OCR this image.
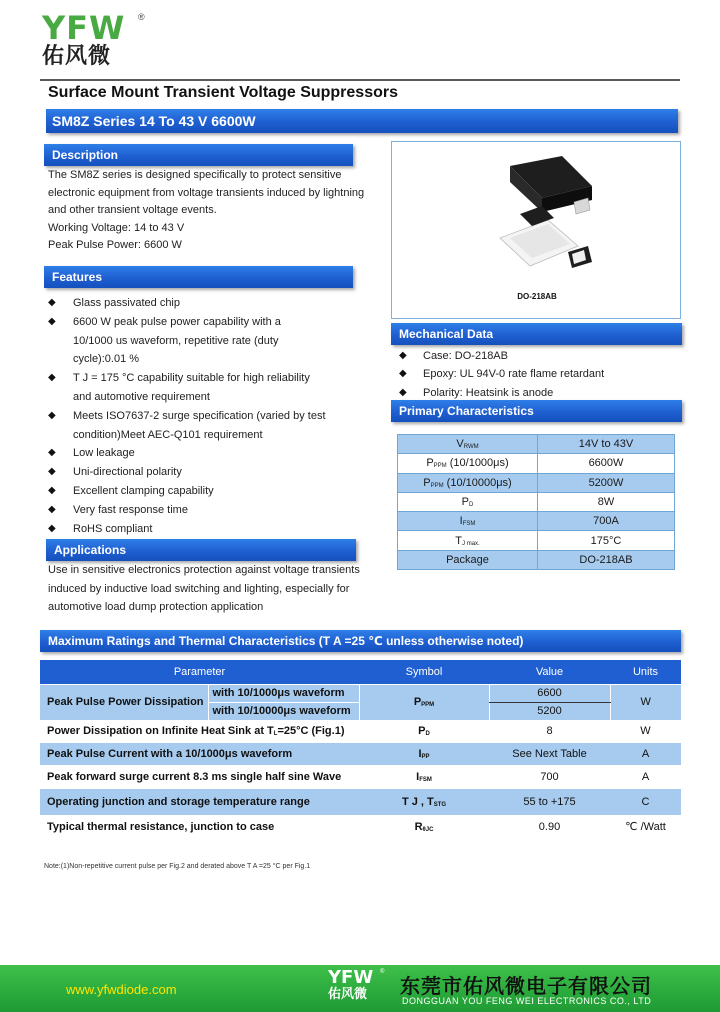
YFW	®
佑风微
Surface Mount Transient Voltage Suppressors
SM8Z Series 14 To 43 V 6600W
Description
The SM8Z series is designed specifically to protect sensitive
electronic equipment from voltage transients induced by lightning
and other transient voltage events.
Working Voltage: 14 to 43 V
Peak Pulse Power: 6600 W
Features
◆ Glass passivated chip
◆ 6600 W peak pulse power capability with a
10/1000 us waveform, repetitive rate (duty
cycle):0.01 %
◆ T J = 175 °C capability suitable for high reliability
and automotive requirement
◆ Meets ISO7637-2 surge specification (varied by test
condition)Meet AEC-Q101 requirement
◆ Low leakage
◆ Uni-directional polarity
◆ Excellent clamping capability
◆ Very fast response time
◆ RoHS compliant
Applications
Use in sensitive electronics protection against voltage transients
induced by inductive load switching and lighting, especially for
automotive load dump protection application
DO-218AB
Mechanical Data
◆ Case: DO-218AB
◆ Epoxy: UL 94V-0 rate flame retardant
◆ Polarity: Heatsink is anode
Primary Characteristics
VRWM	14V to 43V
PPPM (10/1000μs)	6600W
PPPM (10/10000μs)	5200W
PD	8W
IFSM	700A
TJ max.	175°C
Package	DO-218AB
Maximum Ratings and Thermal Characteristics (T A =25 ℃ unless otherwise noted)
Parameter		Symbol	Value	Units
Peak Pulse Power Dissipation	with 10/1000μs waveform	PPPM	6600	W
	with 10/10000μs waveform		5200	
Power Dissipation on Infinite Heat Sink at TL=25°C (Fig.1)		PD	8	W
Peak Pulse Current with a 10/1000μs waveform		IPP	See Next Table	A
Peak forward surge current 8.3 ms single half sine Wave		IFSM	700	A
Operating junction and storage temperature range		T J , TSTG	55 to +175	C
Typical thermal resistance, junction to case		RθJC	0.90	℃ /Watt
Note:(1)Non-repetitive current pulse per Fig.2 and derated above T A =25 °C per Fig.1
www.yfwdiode.com
YFW	®
佑风微	东莞市佑风微电子有限公司
DONGGUAN YOU FENG WEI ELECTRONICS CO., LTD
